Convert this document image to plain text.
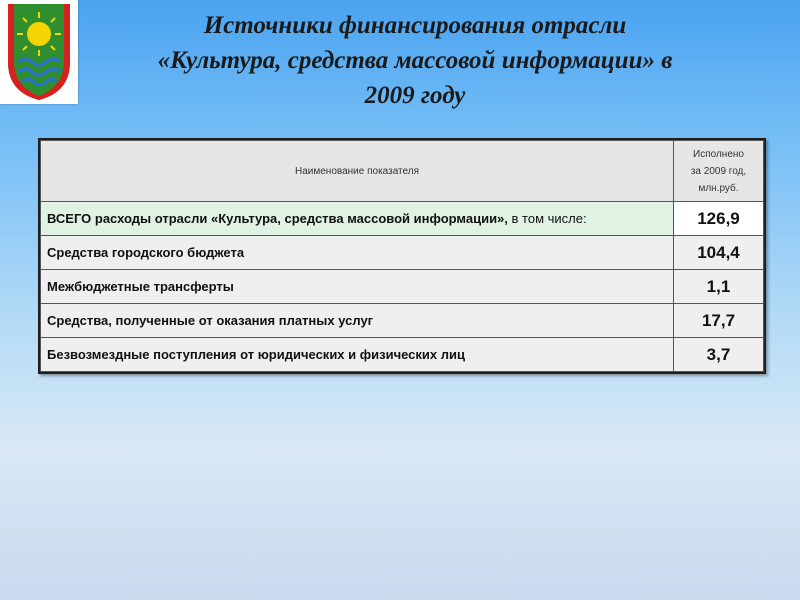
Источники финансирования отрасли
«Культура, средства массовой информации» в
2009 году
Наименование показателя	Исполнено
за 2009 год,
млн.руб.
ВСЕГО расходы отрасли «Культура, средства массовой информации», в том числе:	126,9
Средства городского бюджета	104,4
Межбюджетные трансферты	1,1
Средства, полученные от оказания платных услуг	17,7
Безвозмездные поступления от юридических и физических лиц	3,7
